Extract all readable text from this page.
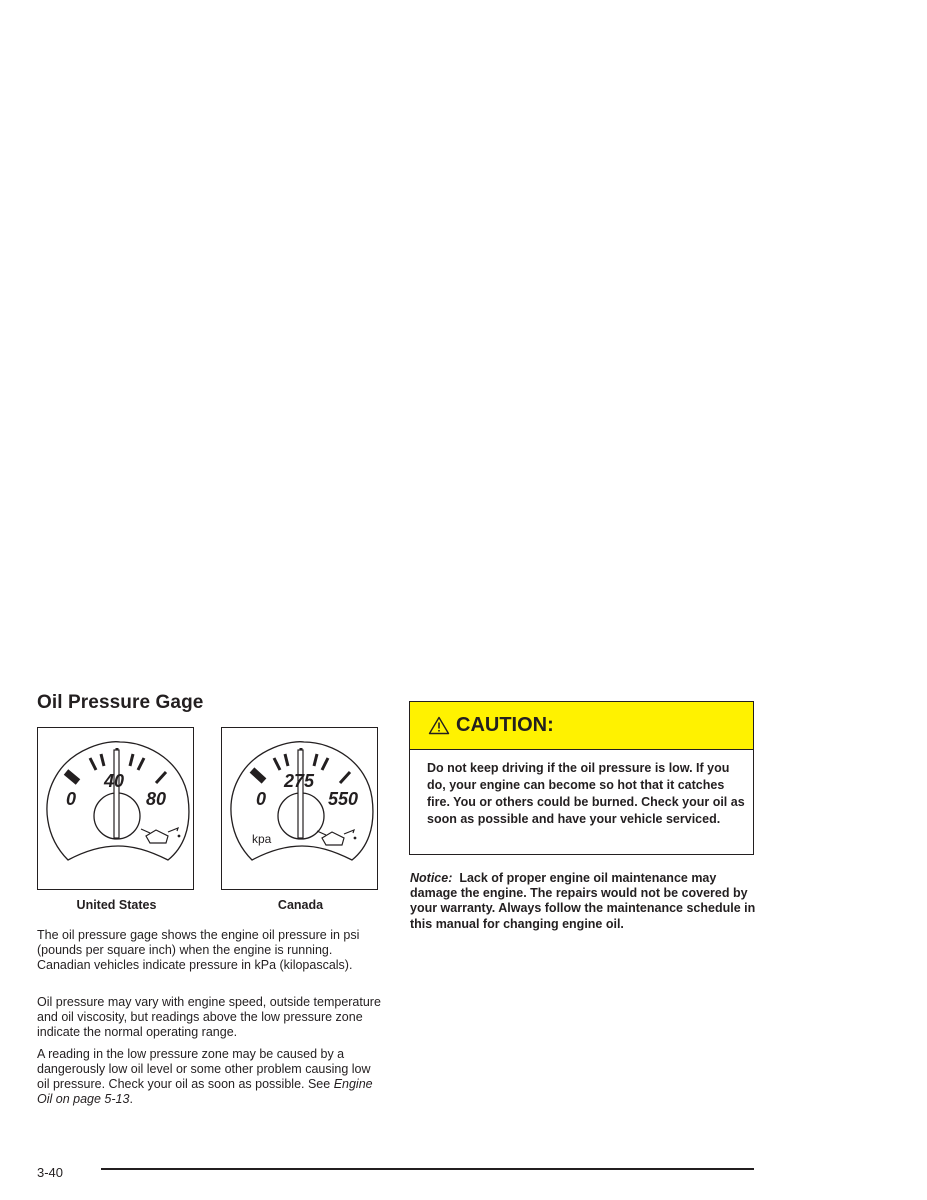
Oil Pressure Gage
0
40
80
United States
0
275
550
kpa
Canada

The oil pressure gage shows the engine oil pressure in psi (pounds per square inch) when the engine is running. Canadian vehicles indicate pressure in kPa (kilopascals).

Oil pressure may vary with engine speed, outside temperature and oil viscosity, but readings above the low pressure zone indicate the normal operating range.

A reading in the low pressure zone may be caused by a dangerously low oil level or some other problem causing low oil pressure. Check your oil as soon as possible. See Engine Oil on page 5-13.

CAUTION:

Do not keep driving if the oil pressure is low. If you do, your engine can become so hot that it catches fire. You or others could be burned. Check your oil as soon as possible and have your vehicle serviced.

Notice: Lack of proper engine oil maintenance may damage the engine. The repairs would not be covered by your warranty. Always follow the maintenance schedule in this manual for changing engine oil.

3-40
